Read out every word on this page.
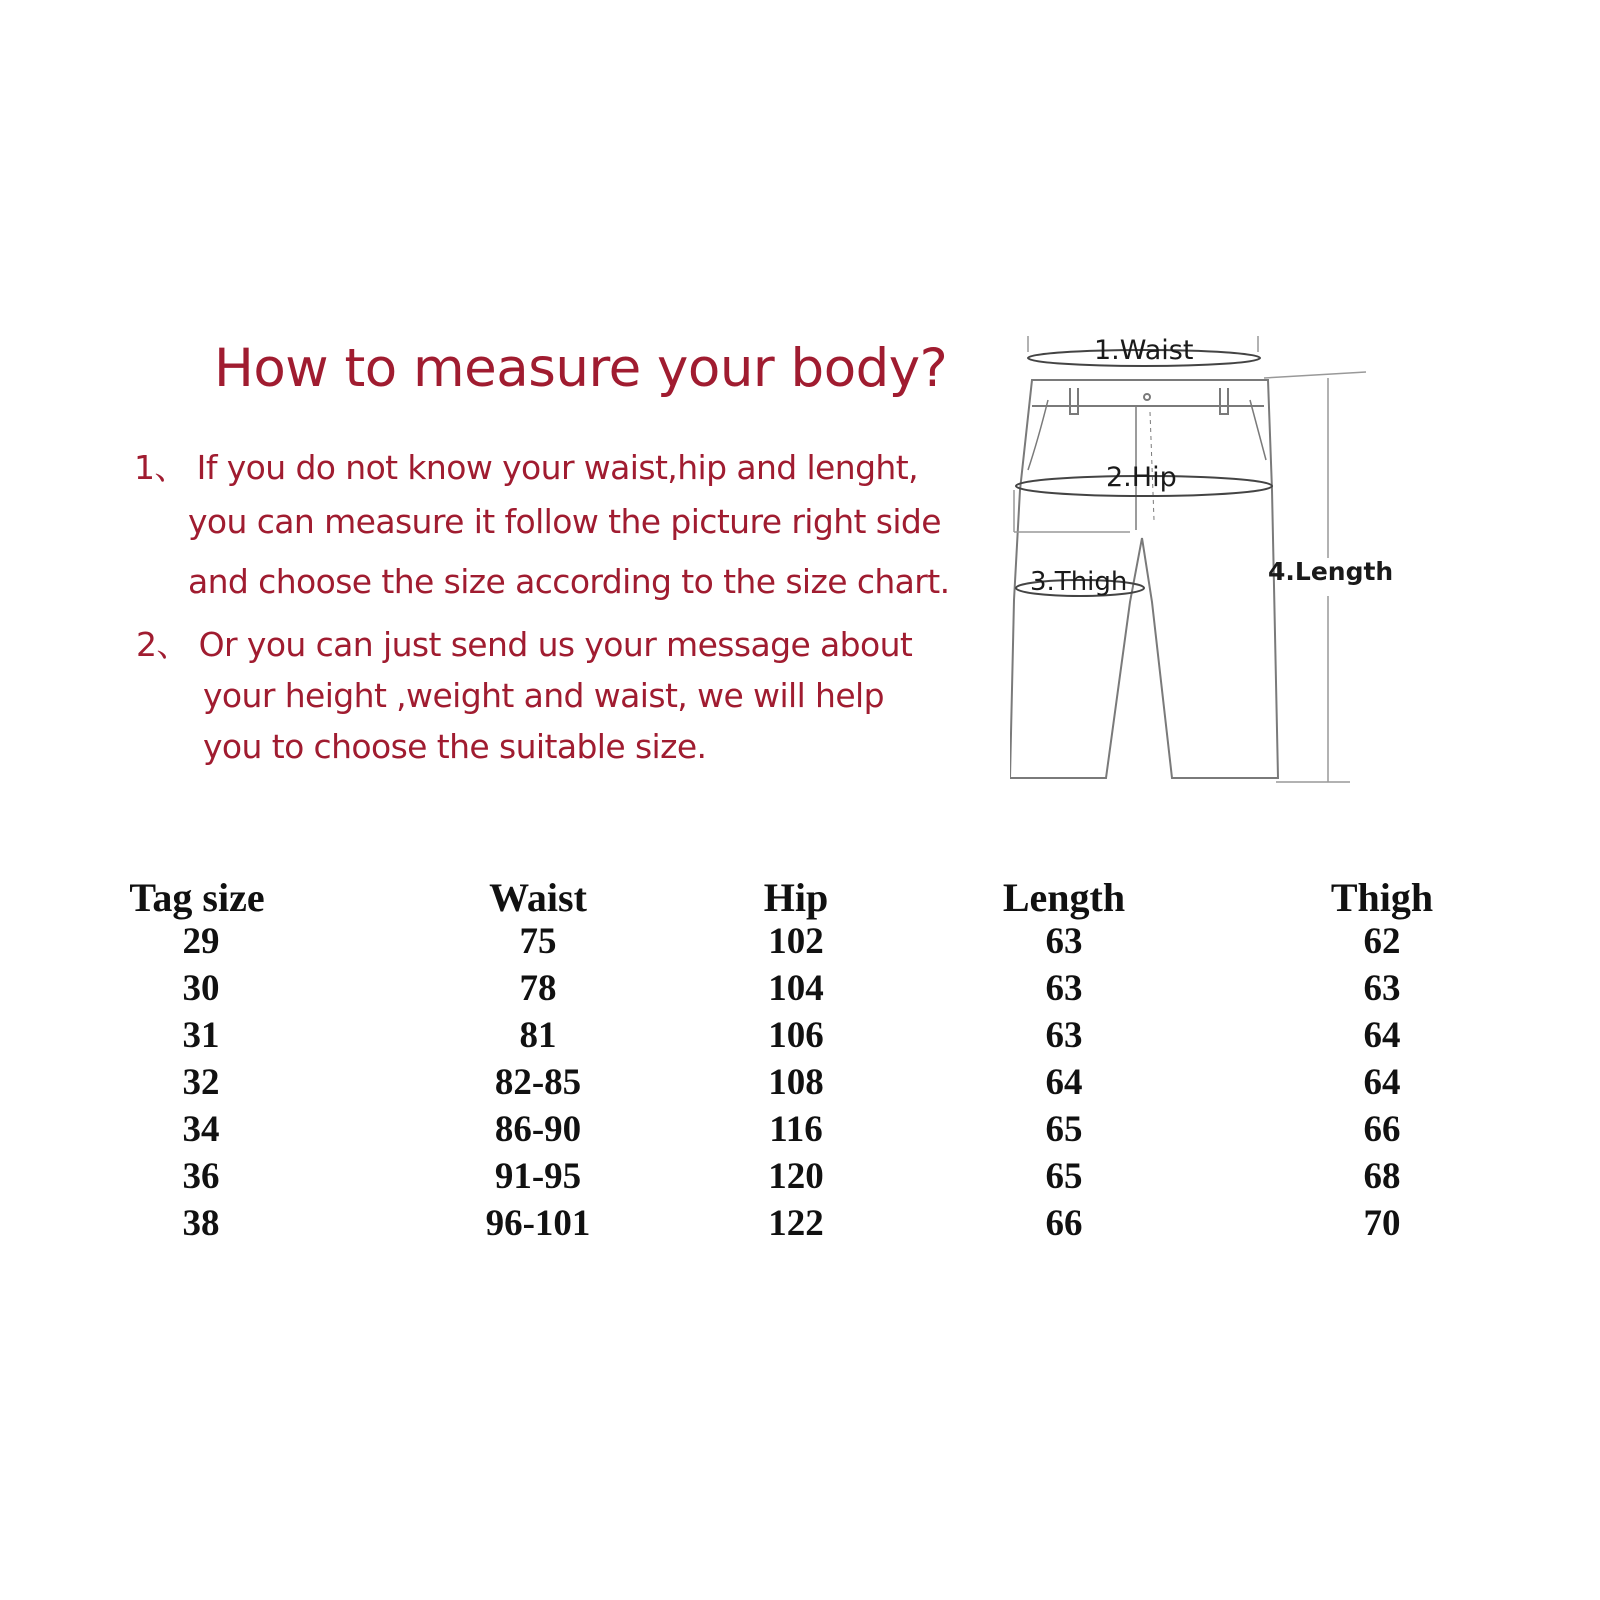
How to measure your body?
1、 If you do not know your waist,hip and lenght,
you can measure it follow the picture right side
and choose the size according to the size chart.
2、 Or you can just send us your message about
your height ,weight and waist, we will help
you to choose the suitable size.
1.Waist
2.Hip
3.Thigh	4.Length
Tag size	Waist	Hip	Length	Thigh
29	75	102	63	62
30	78	104	63	63
31	81	106	63	64
32	82-85	108	64	64
34	86-90	116	65	66
36	91-95	120	65	68
38	96-101	122	66	70
